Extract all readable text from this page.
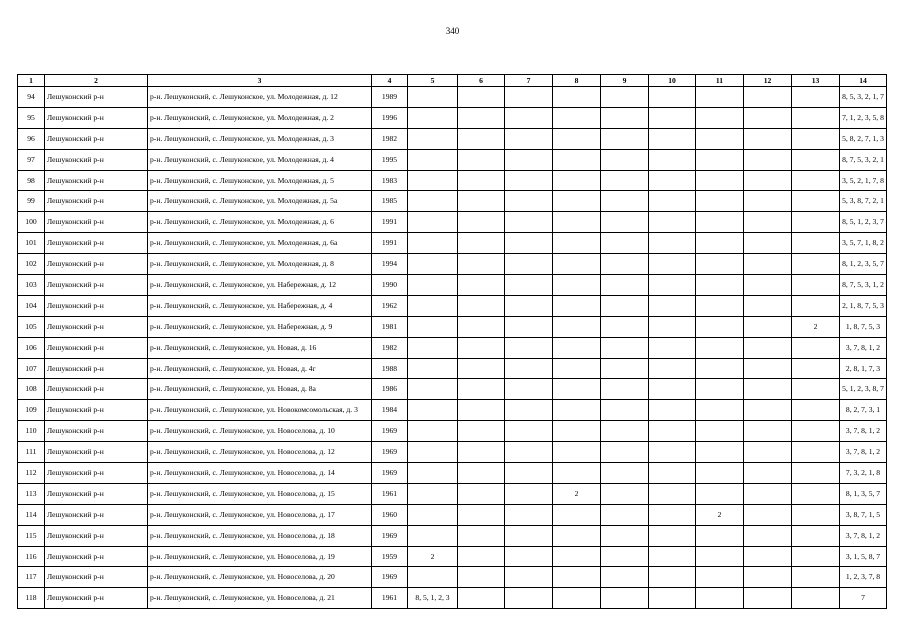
340
1	2	3	4	5	6	7	8	9	10	11	12	13	14
94	Лешуконский р-н	р-н. Лешуконский, с. Лешуконское, ул. Молодежная, д. 12	1989										8, 5, 3, 2, 1, 7
95	Лешуконский р-н	р-н. Лешуконский, с. Лешуконское, ул. Молодежная, д. 2	1996										7, 1, 2, 3, 5, 8
96	Лешуконский р-н	р-н. Лешуконский, с. Лешуконское, ул. Молодежная, д. 3	1982										5, 8, 2, 7, 1, 3
97	Лешуконский р-н	р-н. Лешуконский, с. Лешуконское, ул. Молодежная, д. 4	1995										8, 7, 5, 3, 2, 1
98	Лешуконский р-н	р-н. Лешуконский, с. Лешуконское, ул. Молодежная, д. 5	1983										3, 5, 2, 1, 7, 8
99	Лешуконский р-н	р-н. Лешуконский, с. Лешуконское, ул. Молодежная, д. 5а	1985										5, 3, 8, 7, 2, 1
100	Лешуконский р-н	р-н. Лешуконский, с. Лешуконское, ул. Молодежная, д. 6	1991										8, 5, 1, 2, 3, 7
101	Лешуконский р-н	р-н. Лешуконский, с. Лешуконское, ул. Молодежная, д. 6а	1991										3, 5, 7, 1, 8, 2
102	Лешуконский р-н	р-н. Лешуконский, с. Лешуконское, ул. Молодежная, д. 8	1994										8, 1, 2, 3, 5, 7
103	Лешуконский р-н	р-н. Лешуконский, с. Лешуконское, ул. Набережная, д. 12	1990										8, 7, 5, 3, 1, 2
104	Лешуконский р-н	р-н. Лешуконский, с. Лешуконское, ул. Набережная, д. 4	1962										2, 1, 8, 7, 5, 3
105	Лешуконский р-н	р-н. Лешуконский, с. Лешуконское, ул. Набережная, д. 9	1981									2	1, 8, 7, 5, 3
106	Лешуконский р-н	р-н. Лешуконский, с. Лешуконское, ул. Новая, д. 16	1982										3, 7, 8, 1, 2
107	Лешуконский р-н	р-н. Лешуконский, с. Лешуконское, ул. Новая, д. 4г	1988										2, 8, 1, 7, 3
108	Лешуконский р-н	р-н. Лешуконский, с. Лешуконское, ул. Новая, д. 8а	1986										5, 1, 2, 3, 8, 7
109	Лешуконский р-н	р-н. Лешуконский, с. Лешуконское, ул. Новокомсомольская, д. 3	1984										8, 2, 7, 3, 1
110	Лешуконский р-н	р-н. Лешуконский, с. Лешуконское, ул. Новоселова, д. 10	1969										3, 7, 8, 1, 2
111	Лешуконский р-н	р-н. Лешуконский, с. Лешуконское, ул. Новоселова, д. 12	1969										3, 7, 8, 1, 2
112	Лешуконский р-н	р-н. Лешуконский, с. Лешуконское, ул. Новоселова, д. 14	1969										7, 3, 2, 1, 8
113	Лешуконский р-н	р-н. Лешуконский, с. Лешуконское, ул. Новоселова, д. 15	1961				2						8, 1, 3, 5, 7
114	Лешуконский р-н	р-н. Лешуконский, с. Лешуконское, ул. Новоселова, д. 17	1960							2			3, 8, 7, 1, 5
115	Лешуконский р-н	р-н. Лешуконский, с. Лешуконское, ул. Новоселова, д. 18	1969										3, 7, 8, 1, 2
116	Лешуконский р-н	р-н. Лешуконский, с. Лешуконское, ул. Новоселова, д. 19	1959	2									3, 1, 5, 8, 7
117	Лешуконский р-н	р-н. Лешуконский, с. Лешуконское, ул. Новоселова, д. 20	1969										1, 2, 3, 7, 8
118	Лешуконский р-н	р-н. Лешуконский, с. Лешуконское, ул. Новоселова, д. 21	1961	8, 5, 1, 2, 3									7
